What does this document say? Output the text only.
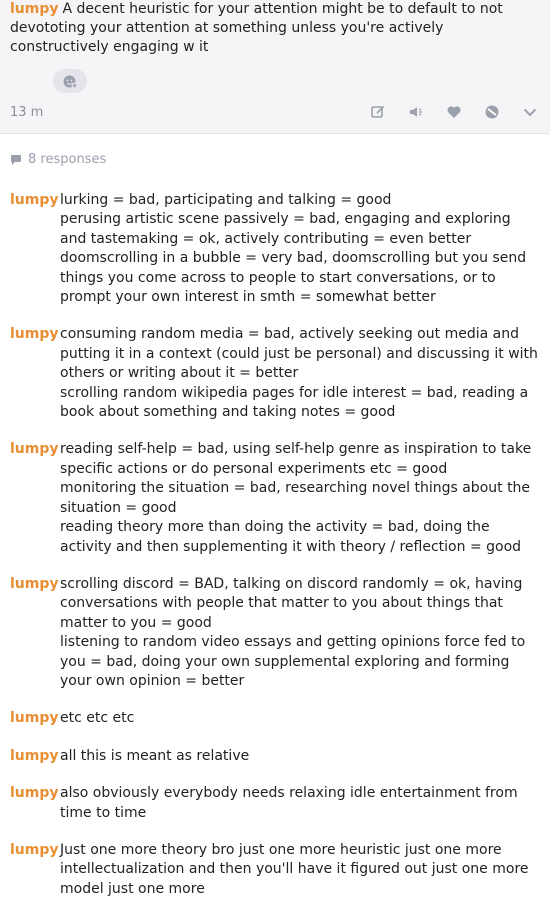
lumpy A decent heuristic for your attention might be to default to not devototing your attention at something unless you're actively constructively engaging w it
13 m
8 responses
lumpy lurking = bad, participating and talking = good

perusing artistic scene passively = bad, engaging and exploring and tastemaking = ok, actively contributing = even better

doomscrolling in a bubble = very bad, doomscrolling but you send things you come across to people to start conversations, or to prompt your own interest in smth = somewhat better

lumpy consuming random media = bad, actively seeking out media and putting it in a context (could just be personal) and discussing it with others or writing about it = better

scrolling random wikipedia pages for idle interest = bad, reading a book about something and taking notes = good

lumpy reading self-help = bad, using self-help genre as inspiration to take specific actions or do personal experiments etc = good

monitoring the situation = bad, researching novel things about the situation = good

reading theory more than doing the activity = bad, doing the activity and then supplementing it with theory / reflection = good

lumpy scrolling discord = BAD, talking on discord randomly = ok, having conversations with people that matter to you about things that matter to you = good

listening to random video essays and getting opinions force fed to you = bad, doing your own supplemental exploring and forming your own opinion = better

lumpy etc etc etc

lumpy all this is meant as relative

lumpy also obviously everybody needs relaxing idle entertainment from time to time

lumpy Just one more theory bro just one more heuristic just one more intellectualization and then you'll have it figured out just one more model just one more
